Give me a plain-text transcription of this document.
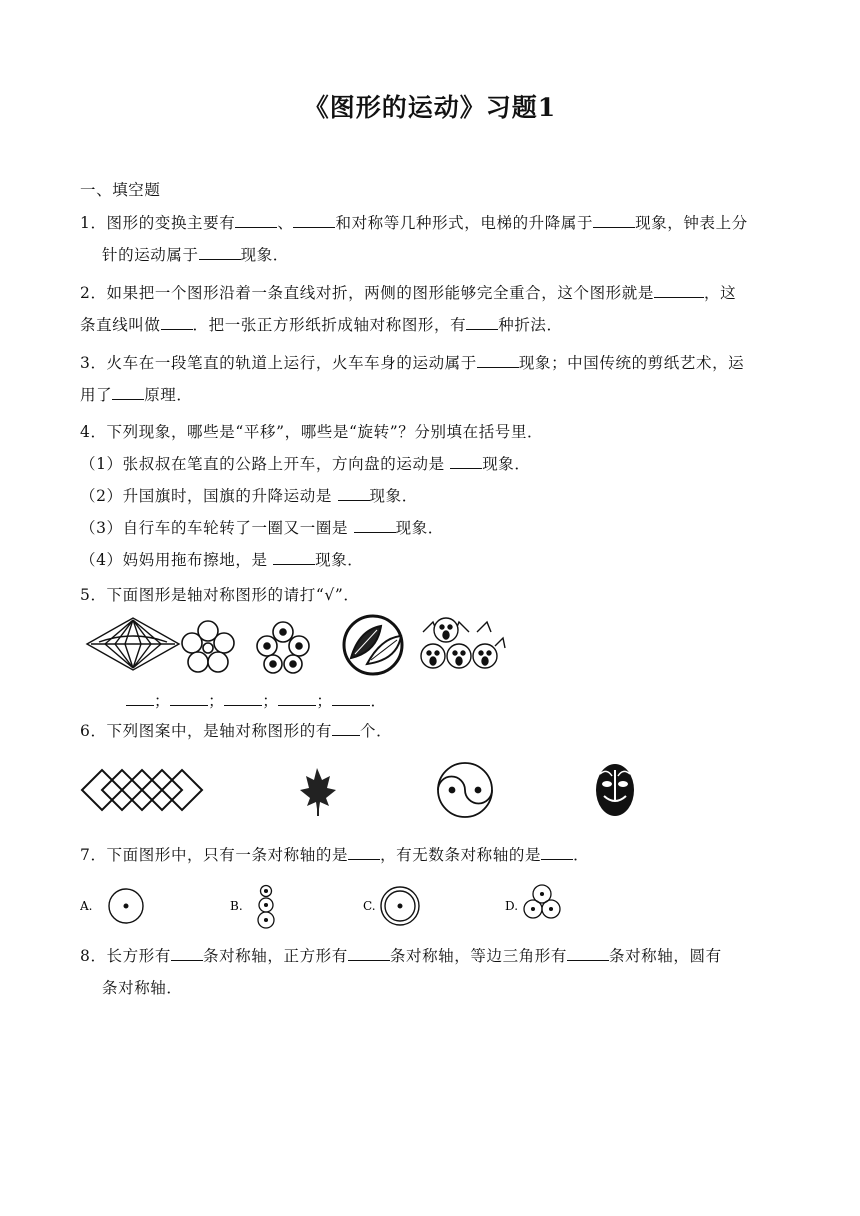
《图形的运动》习题1
一、填空题
1．图形的变换主要有	、	和对称等几种形式，电梯的升降属于	现象，钟表上分
针的运动属于	现象．
2．如果把一个图形沿着一条直线对折，两侧的图形能够完全重合，这个图形就是	，这
条直线叫做 ．把一张正方形纸折成轴对称图形，有 种折法．
3．火车在一段笔直的轨道上运行，火车车身的运动属于	现象；中国传统的剪纸艺术，运
用了 原理．
4．下列现象，哪些是“平移”，哪些是“旋转”？分别填在括号里．
（1）张叔叔在笔直的公路上开车，方向盘的运动是 现象．
（2）升国旗时，国旗的升降运动是 现象．
（3）自行车的车轮转了一圈又一圈是	现象．
（4）妈妈用拖布擦地，是	现象．
5．下面图形是轴对称图形的请打“√”．
； ； ； ； ．
6．下列图案中，是轴对称图形的有 个．
7．下面图形中，只有一条对称轴的是 ，有无数条对称轴的是 ．
A.	B.	C.	D.
8．长方形有 条对称轴，正方形有	条对称轴，等边三角形有	条对称轴，圆有
条对称轴．
